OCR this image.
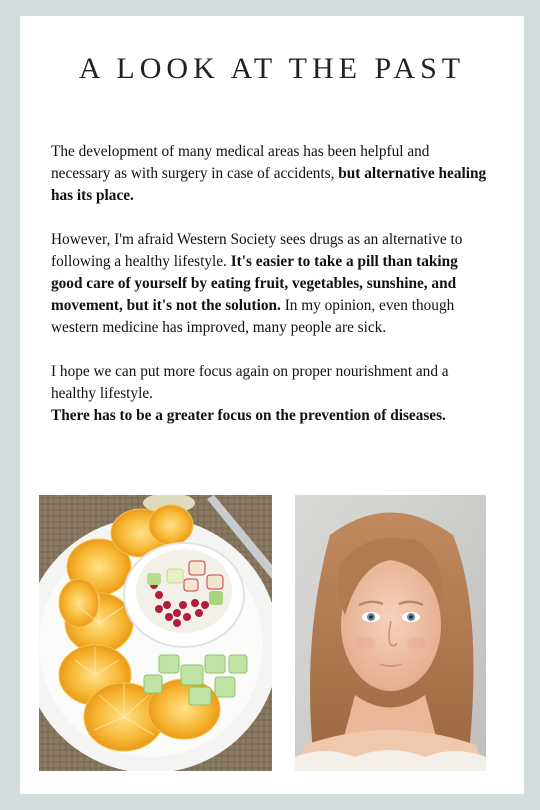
A LOOK AT THE PAST

The development of many medical areas has been helpful and necessary as with surgery in case of accidents, but alternative healing has its place.

However, I'm afraid Western Society sees drugs as an alternative to following a healthy lifestyle. It's easier to take a pill than taking good care of yourself by eating fruit, vegetables, sunshine, and movement, but it's not the solution. In my opinion, even though western medicine has improved, many people are sick.

I hope we can put more focus again on proper nourishment and a healthy lifestyle.
There has to be a greater focus on the prevention of diseases.
